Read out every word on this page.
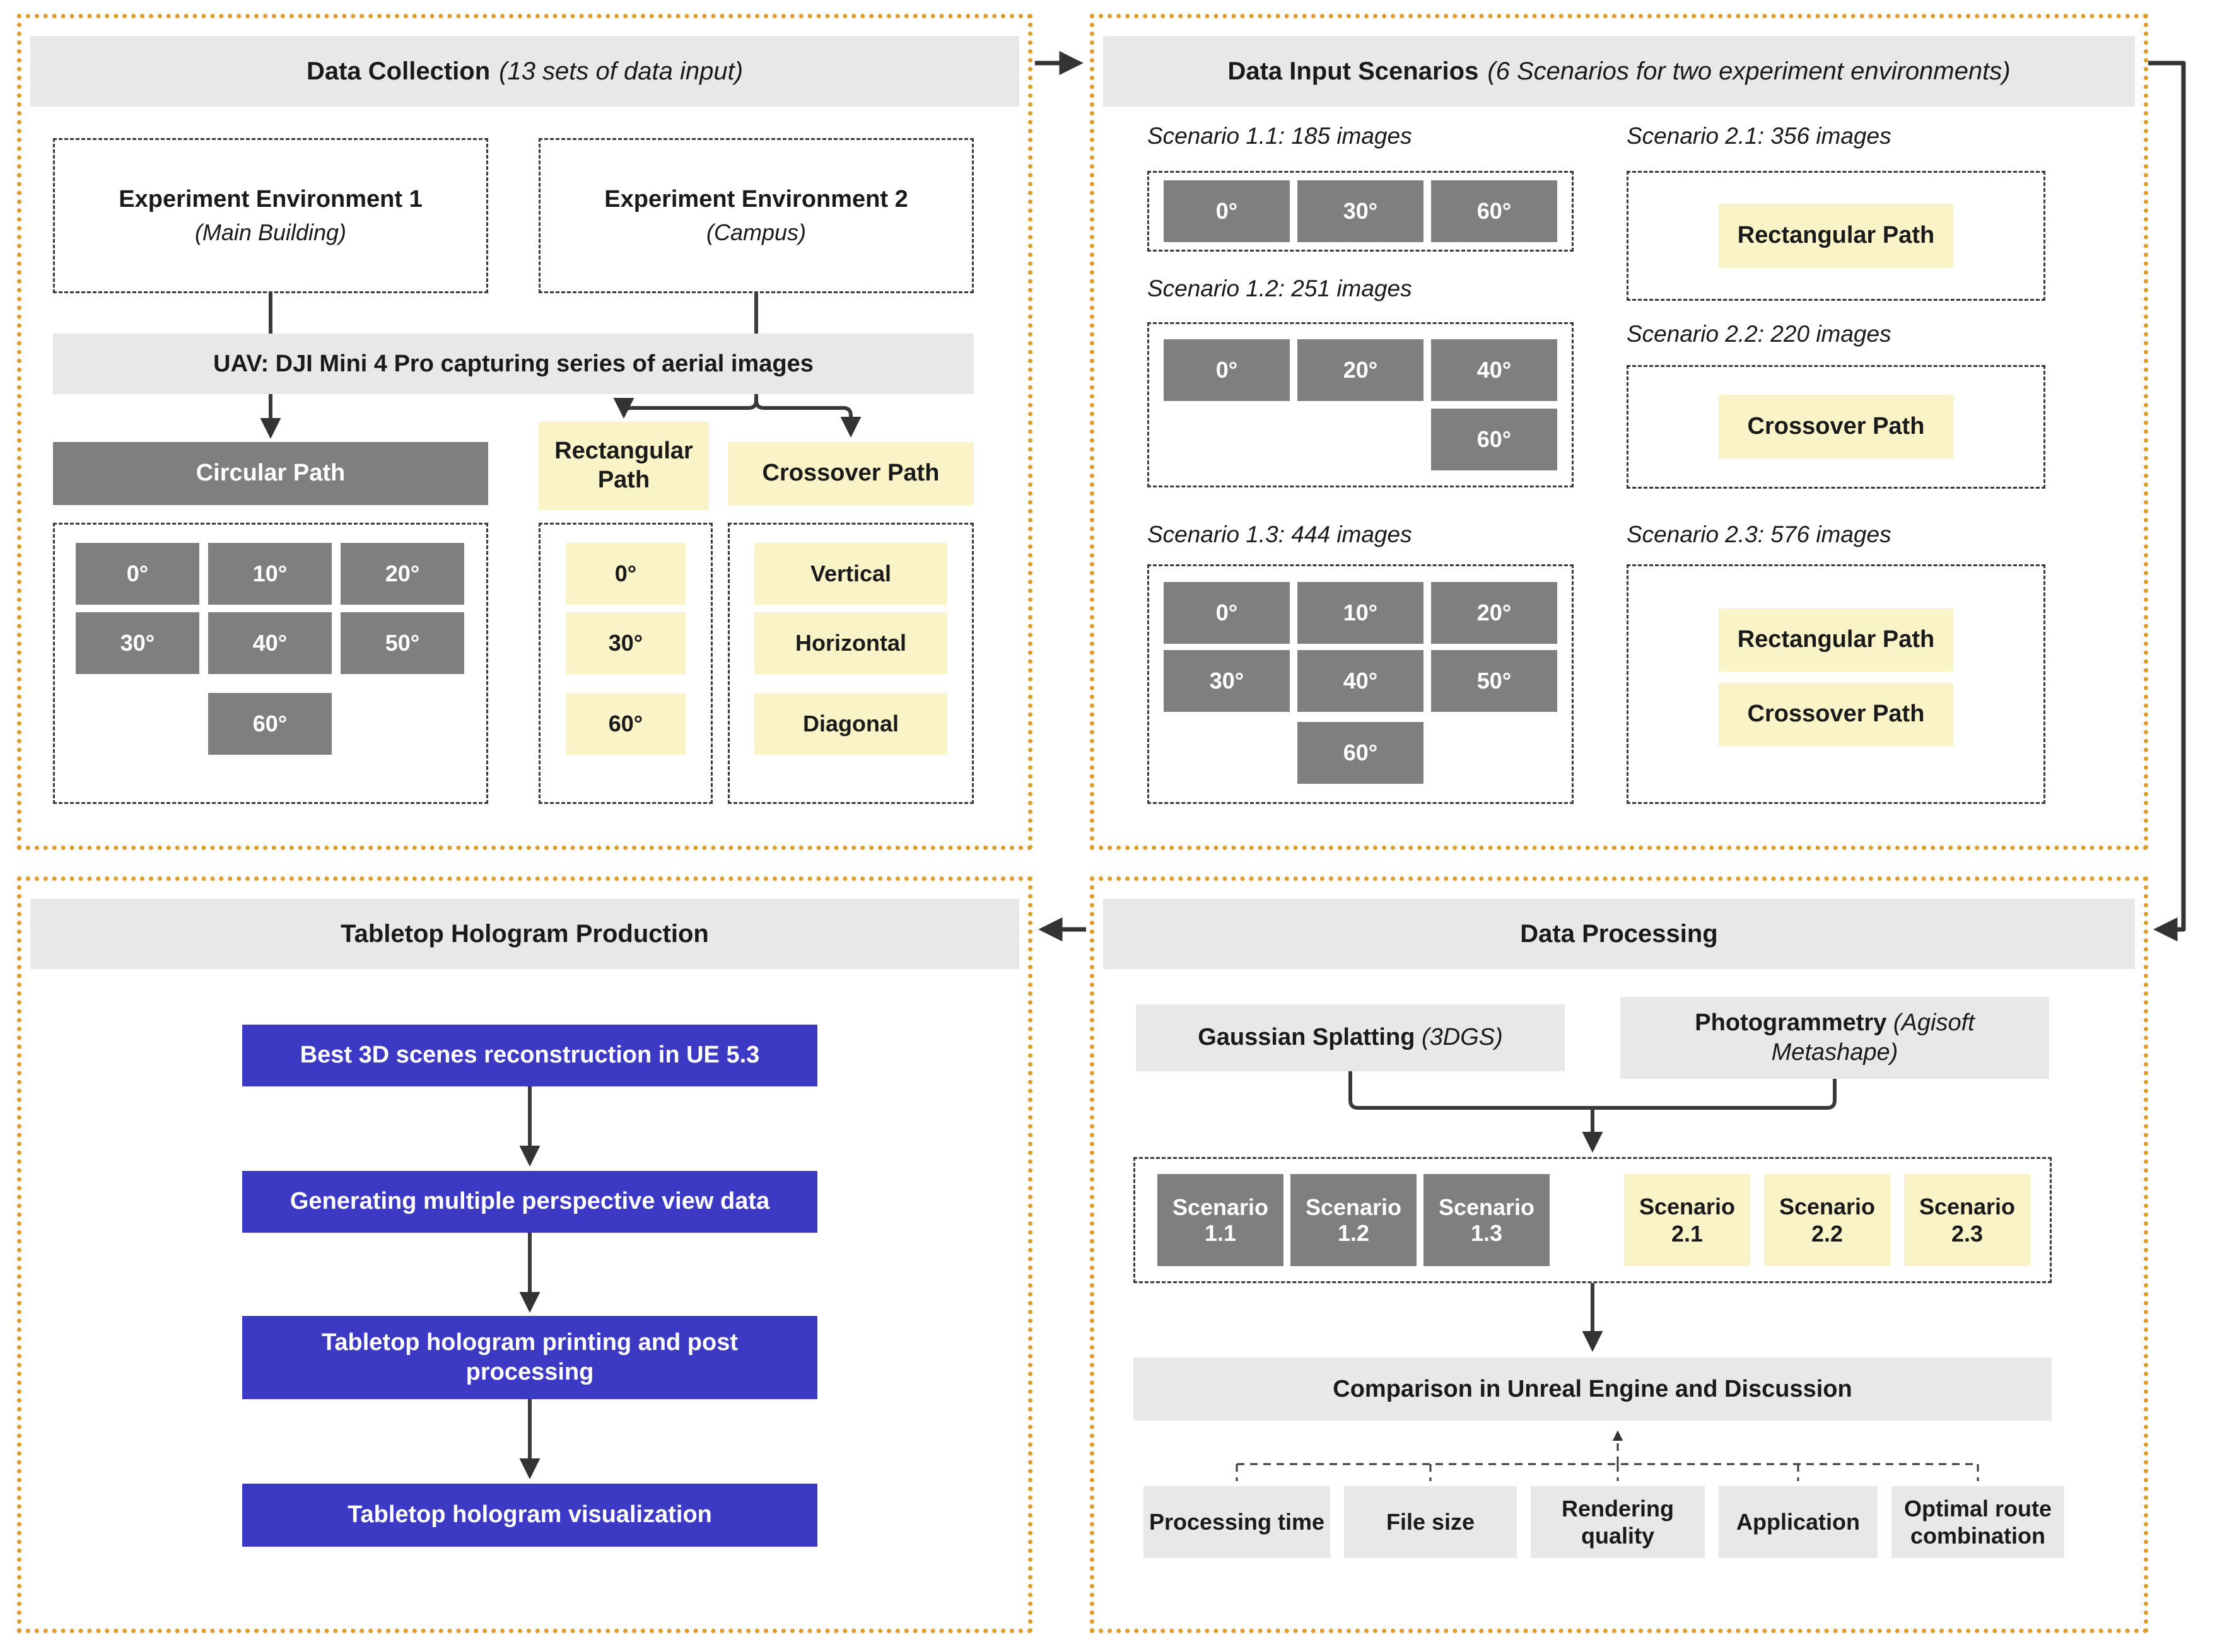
Data Collection (13 sets of data input)
Experiment Environment 1
(Main Building)
Experiment Environment 2
(Campus)
UAV: DJI Mini 4 Pro capturing series of aerial images
Circular Path
0°	10°	20°
30°	40°	50°
60°
Rectangular Path	Crossover Path
0°
30°
60°
Vertical
Horizontal
Diagonal
Data Input Scenarios (6 Scenarios for two experiment environments)
Scenario 1.1: 185 images
0°	30°	60°
Scenario 1.2: 251 images
0°	20°	40°
60°
Scenario 1.3: 444 images
0°	10°	20°
30°	40°	50°
60°
Scenario 2.1: 356 images
Rectangular Path
Scenario 2.2: 220 images
Crossover Path
Scenario 2.3: 576 images
Rectangular Path
Crossover Path
Tabletop Hologram Production
Best 3D scenes reconstruction in UE 5.3
Generating multiple perspective view data
Tabletop hologram printing and post processing
Tabletop hologram visualization
Data Processing
Gaussian Splatting (3DGS)
Photogrammetry (Agisoft Metashape)
Scenario 1.1
Scenario 1.2
Scenario 1.3
Scenario 2.1
Scenario 2.2
Scenario 2.3
Comparison in Unreal Engine and Discussion
Processing time	File size
Rendering quality
Application
Optimal route combination
